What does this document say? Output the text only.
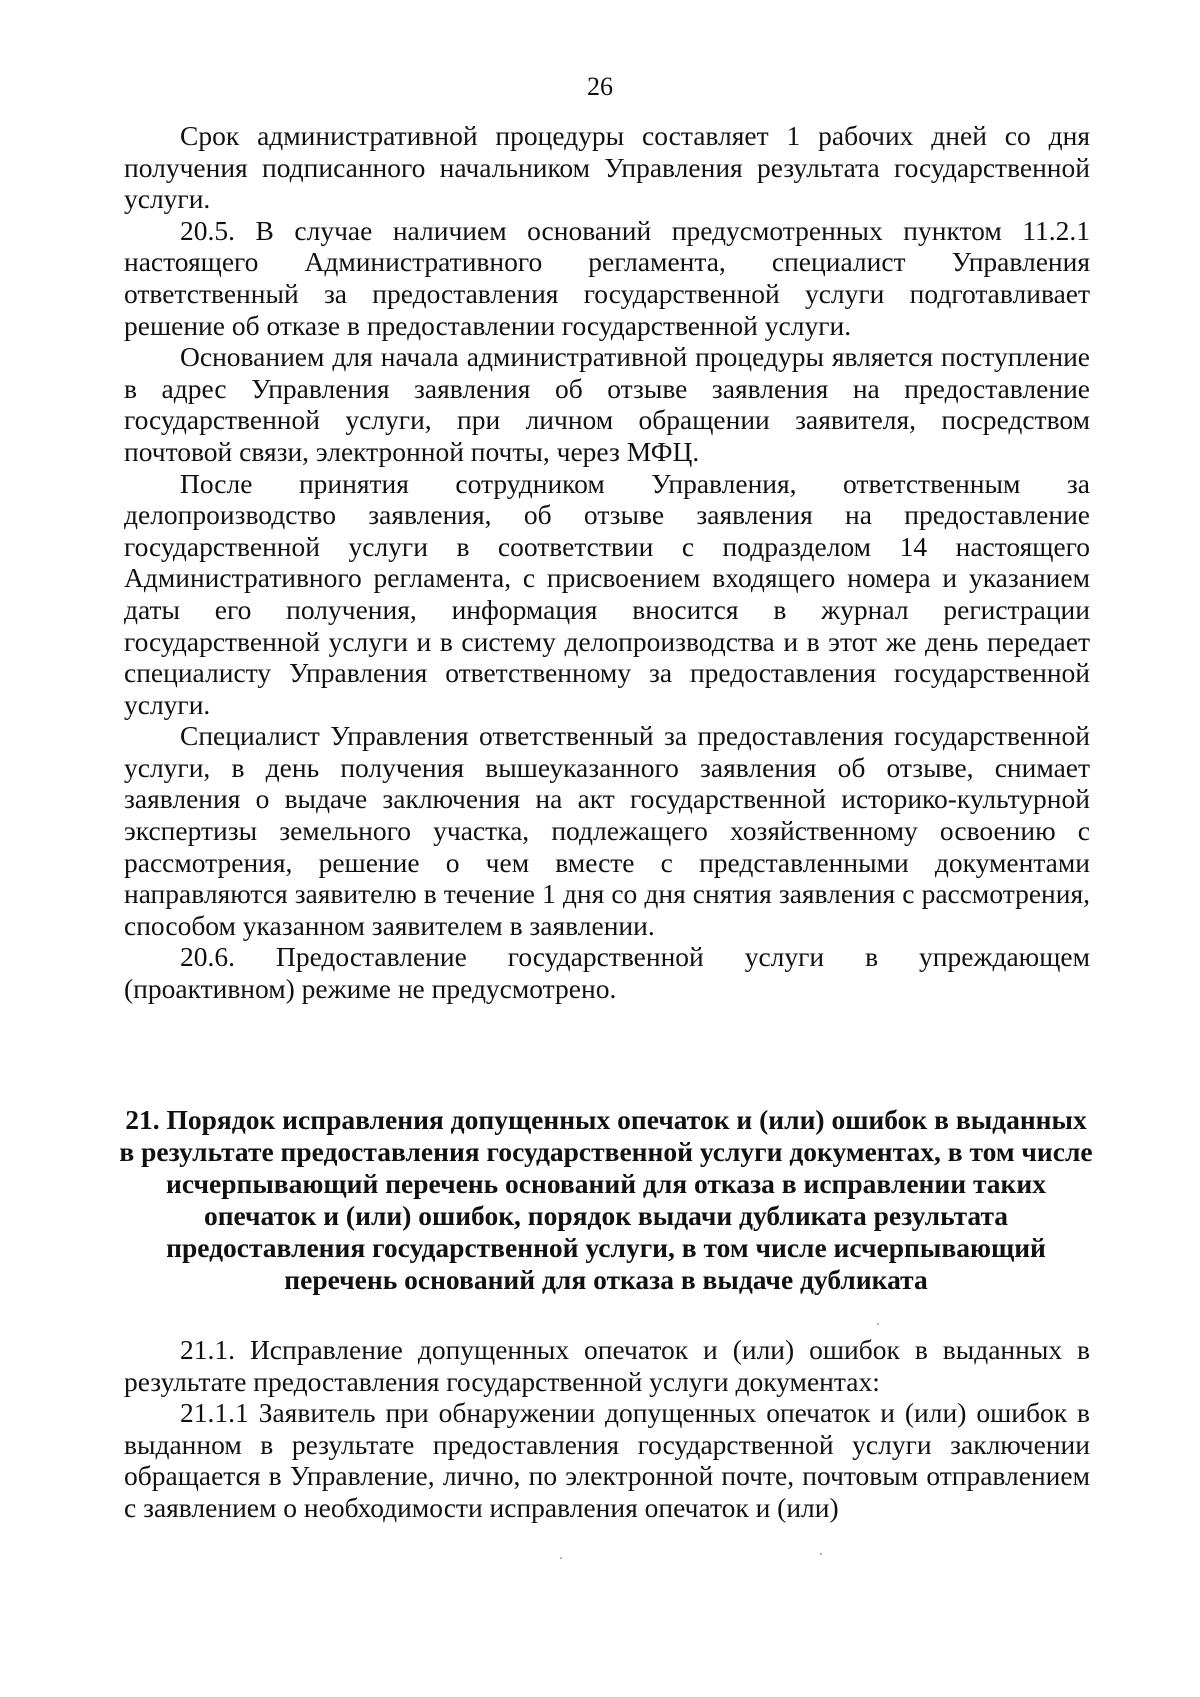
26

Срок административной процедуры составляет 1 рабочих дней со дня получения подписанного начальником Управления результата государственной услуги.

20.5. В случае наличием оснований предусмотренных пунктом 11.2.1 настоящего Административного регламента, специалист Управления ответственный за предоставления государственной услуги подготавливает решение об отказе в предоставлении государственной услуги.

Основанием для начала административной процедуры является поступление в адрес Управления заявления об отзыве заявления на предоставление государственной услуги, при личном обращении заявителя, посредством почтовой связи, электронной почты, через МФЦ.

После принятия сотрудником Управления, ответственным за делопроизводство заявления, об отзыве заявления на предоставление государственной услуги в соответствии с подразделом 14 настоящего Административного регламента, с присвоением входящего номера и указанием даты его получения, информация вносится в журнал регистрации государственной услуги и в систему делопроизводства и в этот же день передает специалисту Управления ответственному за предоставления государственной услуги.

Специалист Управления ответственный за предоставления государственной услуги, в день получения вышеуказанного заявления об отзыве, снимает заявления о выдаче заключения на акт государственной историко-культурной экспертизы земельного участка, подлежащего хозяйственному освоению с рассмотрения, решение о чем вместе с представленными документами направляются заявителю в течение 1 дня со дня снятия заявления с рассмотрения, способом указанном заявителем в заявлении.

20.6. Предоставление государственной услуги в упреждающем (проактивном) режиме не предусмотрено.

21. Порядок исправления допущенных опечаток и (или) ошибок в выданных в результате предоставления государственной услуги документах, в том числе исчерпывающий перечень оснований для отказа в исправлении таких опечаток и (или) ошибок, порядок выдачи дубликата результата предоставления государственной услуги, в том числе исчерпывающий перечень оснований для отказа в выдаче дубликата

21.1. Исправление допущенных опечаток и (или) ошибок в выданных в результате предоставления государственной услуги документах:

21.1.1 Заявитель при обнаружении допущенных опечаток и (или) ошибок в выданном в результате предоставления государственной услуги заключении обращается в Управление, лично, по электронной почте, почтовым отправлением с заявлением о необходимости исправления опечаток и (или)
